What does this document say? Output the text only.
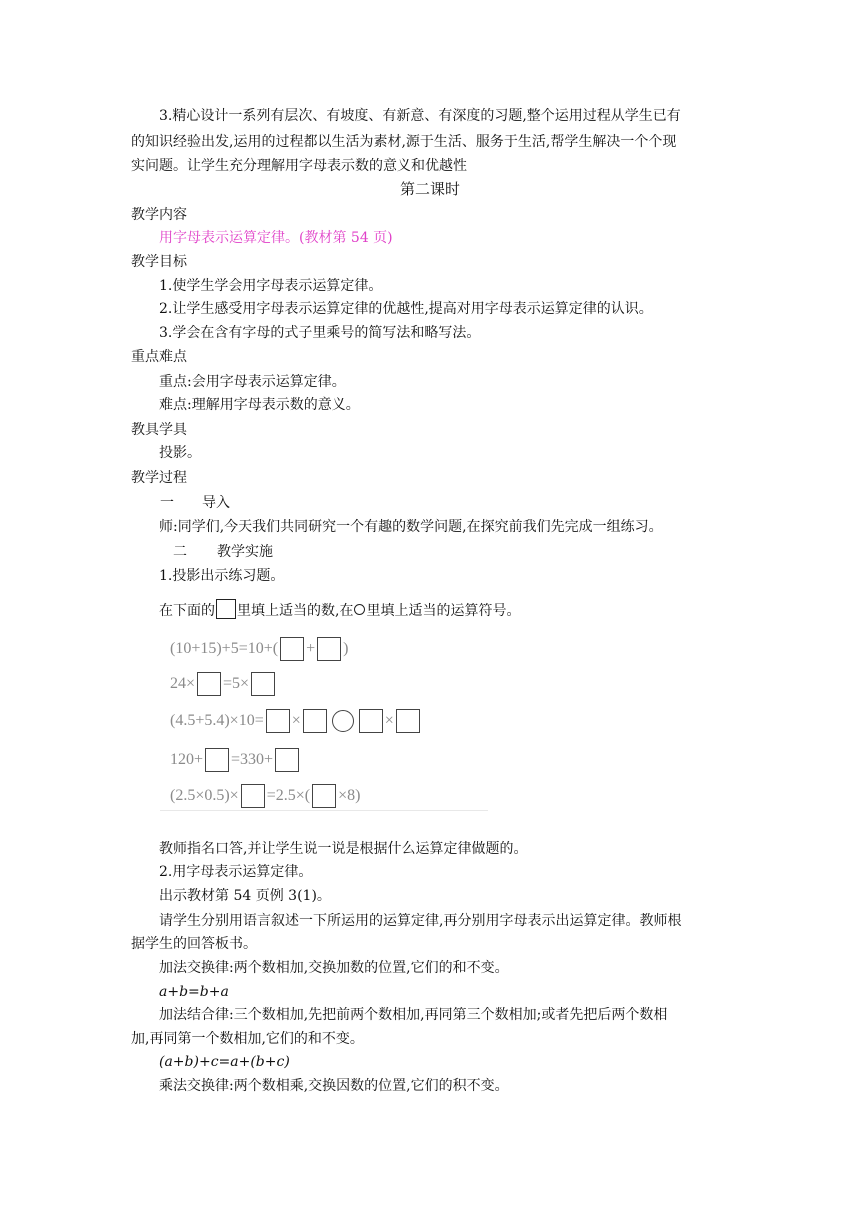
3.精心设计一系列有层次、有坡度、有新意、有深度的习题,整个运用过程从学生已有
的知识经验出发,运用的过程都以生活为素材,源于生活、服务于生活,帮学生解决一个个现
实问题。让学生充分理解用字母表示数的意义和优越性
第二课时
教学内容
用字母表示运算定律。(教材第 54 页)
教学目标
1.使学生学会用字母表示运算定律。
2.让学生感受用字母表示运算定律的优越性,提高对用字母表示运算定律的认识。
3.学会在含有字母的式子里乘号的简写法和略写法。
重点难点
重点:会用字母表示运算定律。
难点:理解用字母表示数的意义。
教具学具
投影。
教学过程
一 导入
师:同学们,今天我们共同研究一个有趣的数学问题,在探究前我们先完成一组练习。
二 教学实施
1.投影出示练习题。
在下面的 里填上适当的数,在 里填上适当的运算符号。
(10+15)+5=10+( + )
24× =5×
(4.5+5.4)×10= ×	×
120+ =330+
(2.5×0.5)× =2.5×( ×8)
教师指名口答,并让学生说一说是根据什么运算定律做题的。
2.用字母表示运算定律。
出示教材第 54 页例 3(1)。
请学生分别用语言叙述一下所运用的运算定律,再分别用字母表示出运算定律。教师根
据学生的回答板书。
加法交换律:两个数相加,交换加数的位置,它们的和不变。
a+b=b+a
加法结合律:三个数相加,先把前两个数相加,再同第三个数相加;或者先把后两个数相
加,再同第一个数相加,它们的和不变。
(a+b)+c=a+(b+c)
乘法交换律:两个数相乘,交换因数的位置,它们的积不变。
